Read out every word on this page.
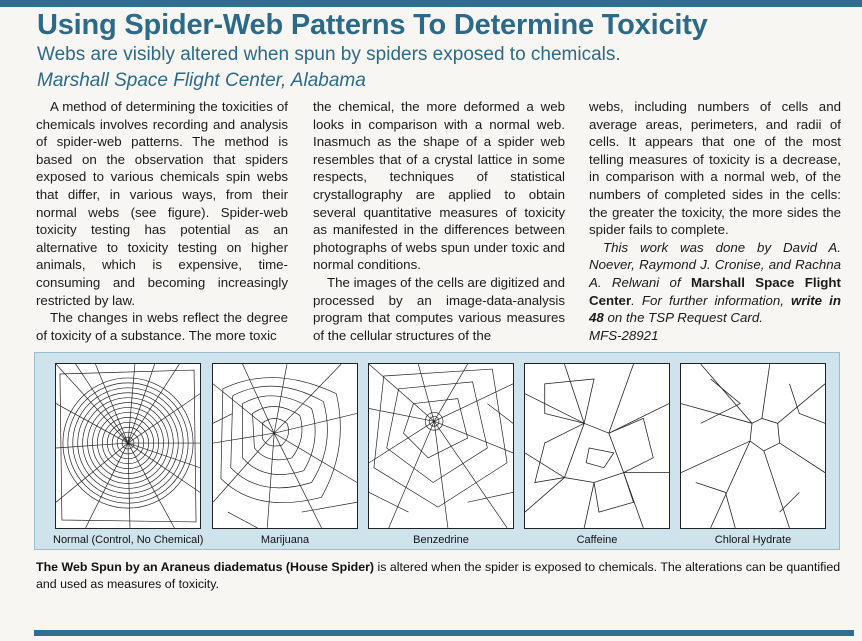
Using Spider-Web Patterns To Determine Toxicity
Webs are visibly altered when spun by spiders exposed to chemicals.
Marshall Space Flight Center, Alabama

A method of determining the toxicities of chemicals involves recording and analysis of spider-web patterns. The method is based on the observation that spiders exposed to various chemicals spin webs that differ, in various ways, from their normal webs (see figure). Spider-web toxicity testing has potential as an alternative to toxicity testing on higher animals, which is expensive, time-consuming and becoming increasingly restricted by law.

The changes in webs reflect the degree of toxicity of a substance. The more toxic

the chemical, the more deformed a web looks in comparison with a normal web. Inasmuch as the shape of a spider web resembles that of a crystal lattice in some respects, techniques of statistical crystallography are applied to obtain several quantitative measures of toxicity as manifested in the differences between photographs of webs spun under toxic and normal conditions.

The images of the cells are digitized and processed by an image-data-analysis program that computes various measures of the cellular structures of the

webs, including numbers of cells and average areas, perimeters, and radii of cells. It appears that one of the most telling measures of toxicity is a decrease, in comparison with a normal web, of the numbers of completed sides in the cells: the greater the toxicity, the more sides the spider fails to complete.

This work was done by David A. Noever, Raymond J. Cronise, and Rachna A. Relwani of Marshall Space Flight Center. For further information, write in 48 on the TSP Request Card.
MFS-28921

Normal (Control, No Chemical)	Marijuana	Benzedrine	Caffeine	Chloral Hydrate
The Web Spun by an Araneus diadematus (House Spider) is altered when the spider is exposed to chemicals. The alterations can be quantified and used as measures of toxicity.
